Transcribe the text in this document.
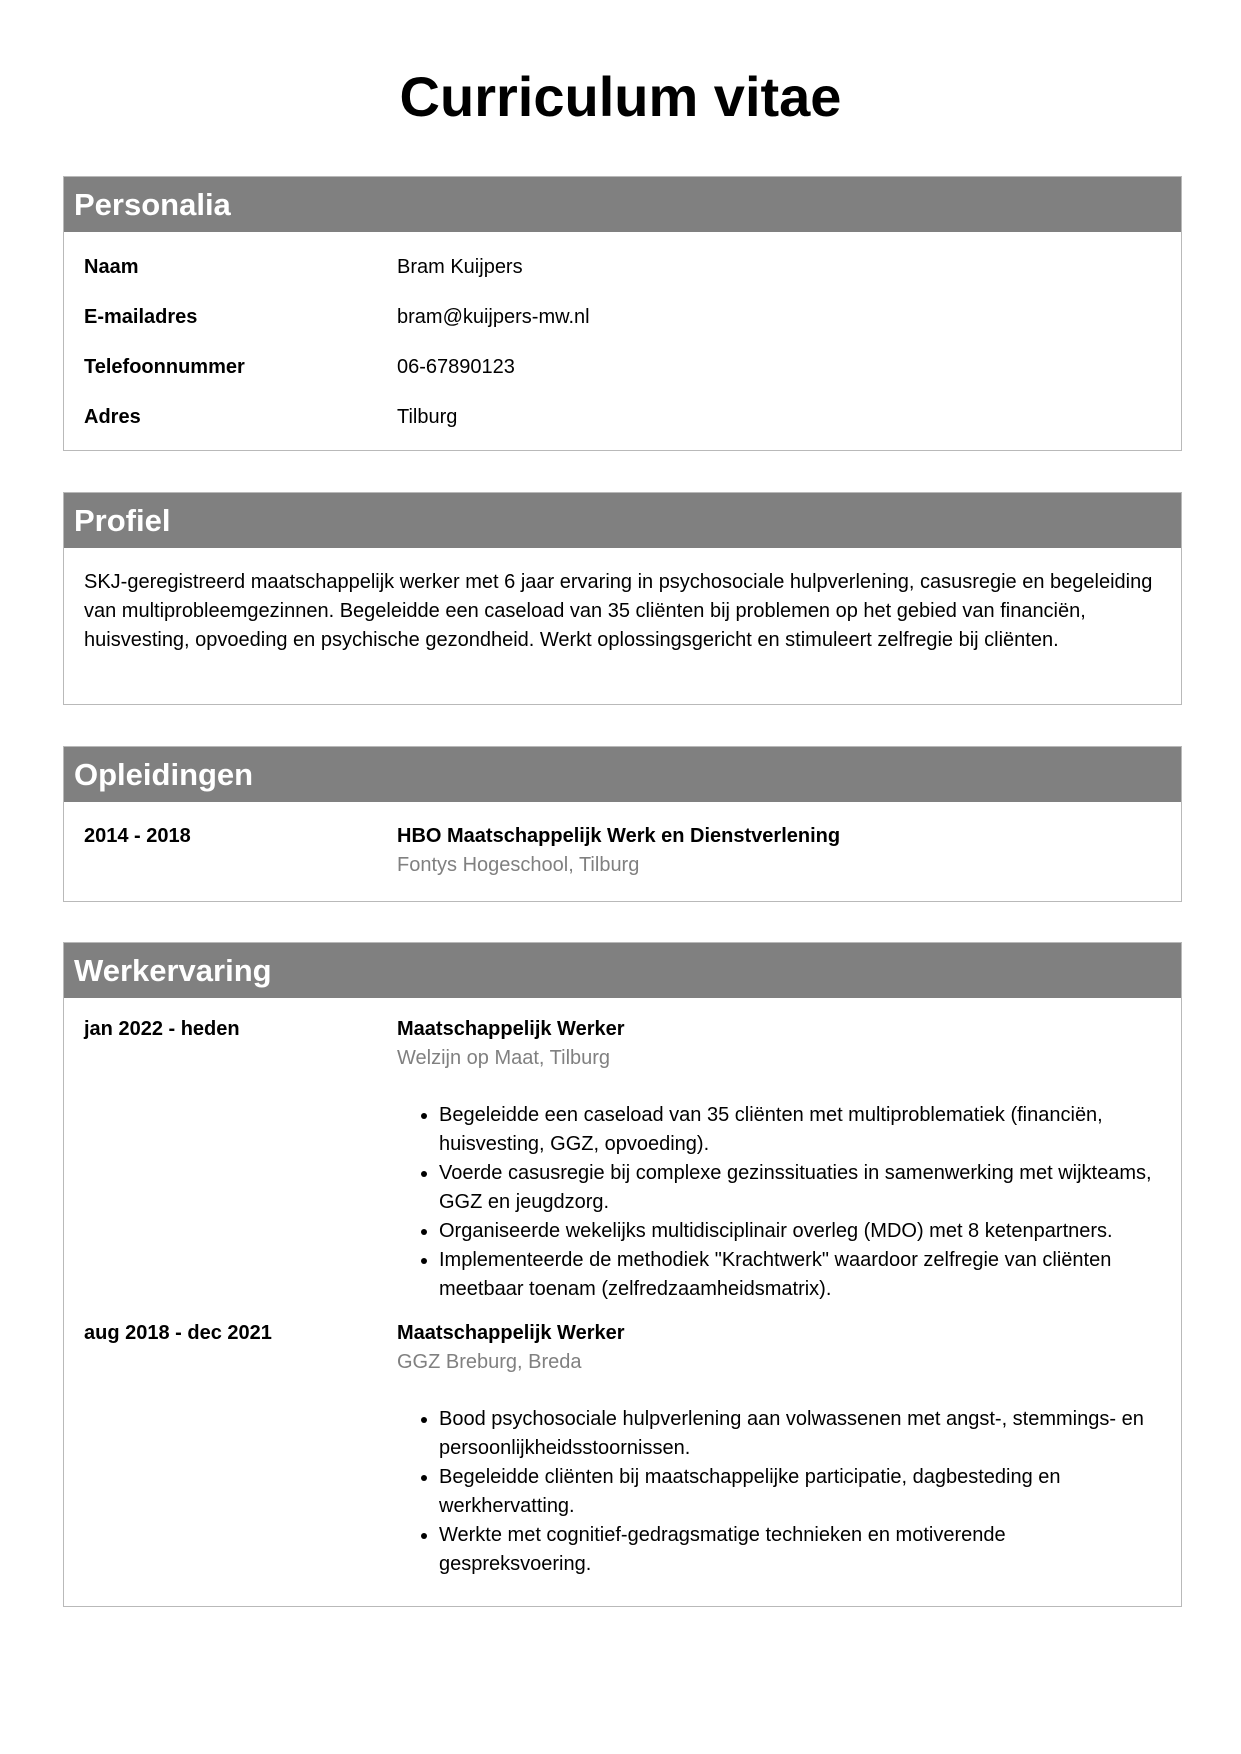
Curriculum vitae
Personalia
Naam	Bram Kuijpers
E-mailadres	bram@kuijpers-mw.nl
Telefoonnummer	06-67890123
Adres	Tilburg
Profiel

SKJ-geregistreerd maatschappelijk werker met 6 jaar ervaring in psychosociale hulpverlening, casusregie en begeleiding van multiprobleemgezinnen. Begeleidde een caseload van 35 cliënten bij problemen op het gebied van financiën, huisvesting, opvoeding en psychische gezondheid. Werkt oplossingsgericht en stimuleert zelfregie bij cliënten.

Opleidingen
2014 - 2018	HBO Maatschappelijk Werk en Dienstverlening
Fontys Hogeschool, Tilburg
Werkervaring
jan 2022 - heden	Maatschappelijk Werker
Welzijn op Maat, Tilburg
• Begeleidde een caseload van 35 cliënten met multiproblematiek (financiën, huisvesting, GGZ, opvoeding).
• Voerde casusregie bij complexe gezinssituaties in samenwerking met wijkteams, GGZ en jeugdzorg.
• Organiseerde wekelijks multidisciplinair overleg (MDO) met 8 ketenpartners.
• Implementeerde de methodiek "Krachtwerk" waardoor zelfregie van cliënten meetbaar toenam (zelfredzaamheidsmatrix).
aug 2018 - dec 2021	Maatschappelijk Werker
GGZ Breburg, Breda
• Bood psychosociale hulpverlening aan volwassenen met angst-, stemmings- en persoonlijkheidsstoornissen.
• Begeleidde cliënten bij maatschappelijke participatie, dagbesteding en werkhervatting.
• Werkte met cognitief-gedragsmatige technieken en motiverende gespreksvoering.
